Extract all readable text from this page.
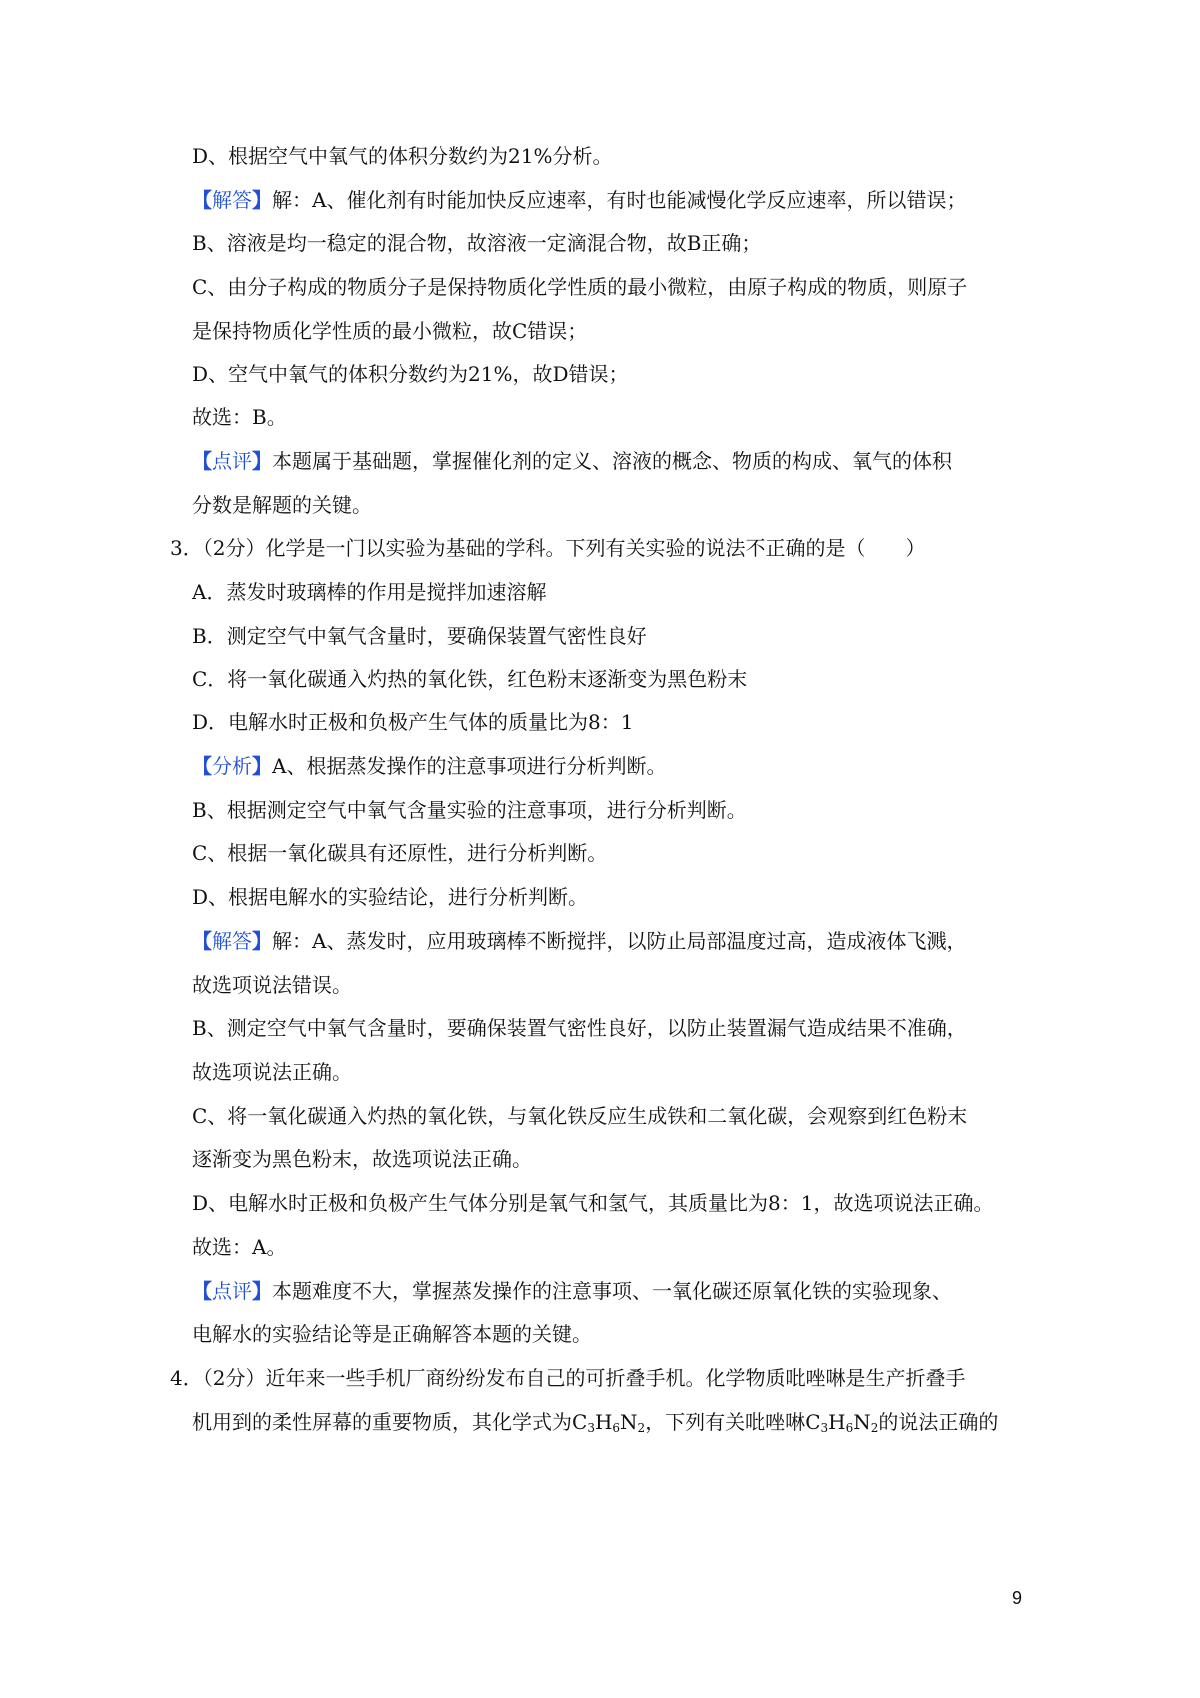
D、根据空气中氧气的体积分数约为21%分析。
【解答】解：A、催化剂有时能加快反应速率，有时也能减慢化学反应速率，所以错误；
B、溶液是均一稳定的混合物，故溶液一定滴混合物，故B正确；
C、由分子构成的物质分子是保持物质化学性质的最小微粒，由原子构成的物质，则原子
是保持物质化学性质的最小微粒，故C错误；
D、空气中氧气的体积分数约为21%，故D错误；
故选：B。
【点评】本题属于基础题，掌握催化剂的定义、溶液的概念、物质的构成、氧气的体积
分数是解题的关键。
3．（2分）化学是一门以实验为基础的学科。下列有关实验的说法不正确的是（　　）
A．蒸发时玻璃棒的作用是搅拌加速溶解
B．测定空气中氧气含量时，要确保装置气密性良好
C．将一氧化碳通入灼热的氧化铁，红色粉末逐渐变为黑色粉末
D．电解水时正极和负极产生气体的质量比为8：1
【分析】A、根据蒸发操作的注意事项进行分析判断。
B、根据测定空气中氧气含量实验的注意事项，进行分析判断。
C、根据一氧化碳具有还原性，进行分析判断。
D、根据电解水的实验结论，进行分析判断。
【解答】解：A、蒸发时，应用玻璃棒不断搅拌，以防止局部温度过高，造成液体飞溅，
故选项说法错误。
B、测定空气中氧气含量时，要确保装置气密性良好，以防止装置漏气造成结果不准确，
故选项说法正确。
C、将一氧化碳通入灼热的氧化铁，与氧化铁反应生成铁和二氧化碳，会观察到红色粉末
逐渐变为黑色粉末，故选项说法正确。
D、电解水时正极和负极产生气体分别是氧气和氢气，其质量比为8：1，故选项说法正确。
故选：A。
【点评】本题难度不大，掌握蒸发操作的注意事项、一氧化碳还原氧化铁的实验现象、
电解水的实验结论等是正确解答本题的关键。
4．（2分）近年来一些手机厂商纷纷发布自己的可折叠手机。化学物质吡唑啉是生产折叠手
机用到的柔性屏幕的重要物质，其化学式为$C_3H_6N_2$，下列有关吡唑啉$C_3H_6N_2$的说法正确的
9
